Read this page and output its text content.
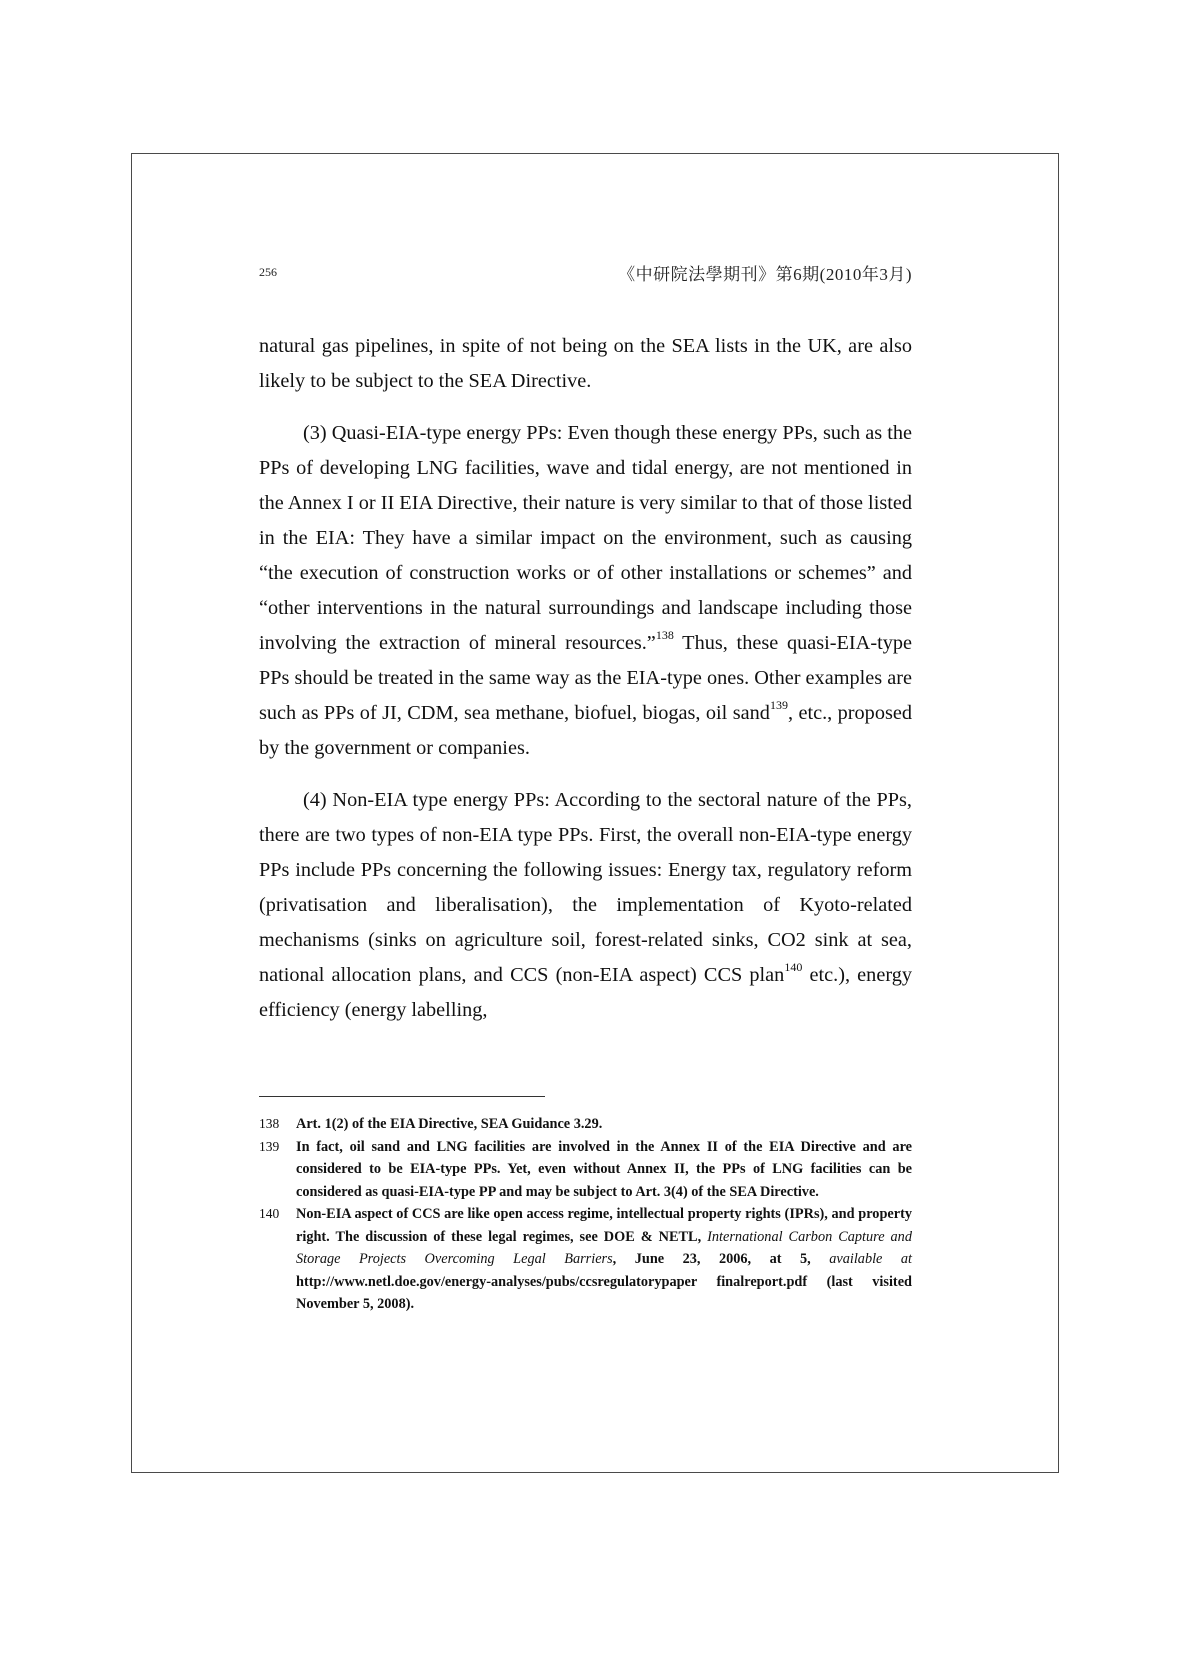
256	《中研院法學期刊》第6期(2010年3月)

natural gas pipelines, in spite of not being on the SEA lists in the UK, are also likely to be subject to the SEA Directive.

(3) Quasi-EIA-type energy PPs: Even though these energy PPs, such as the PPs of developing LNG facilities, wave and tidal energy, are not mentioned in the Annex I or II EIA Directive, their nature is very similar to that of those listed in the EIA: They have a similar impact on the environment, such as causing “the execution of construction works or of other installations or schemes” and “other interventions in the natural surroundings and landscape including those involving the extraction of mineral resources.”$^{138}$ Thus, these quasi-EIA-type PPs should be treated in the same way as the EIA-type ones. Other examples are such as PPs of JI, CDM, sea methane, biofuel, biogas, oil sand$^{139}$, etc., proposed by the government or companies.

(4) Non-EIA type energy PPs: According to the sectoral nature of the PPs, there are two types of non-EIA type PPs. First, the overall non-EIA-type energy PPs include PPs concerning the following issues: Energy tax, regulatory reform (privatisation and liberalisation), the implementation of Kyoto-related mechanisms (sinks on agriculture soil, forest-related sinks, CO2 sink at sea, national allocation plans, and CCS (non-EIA aspect) CCS plan$^{140}$ etc.), energy efficiency (energy labelling,

138 Art. 1(2) of the EIA Directive, SEA Guidance 3.29.
139 In fact, oil sand and LNG facilities are involved in the Annex II of the EIA Directive and are considered to be EIA-type PPs. Yet, even without Annex II, the PPs of LNG facilities can be considered as quasi-EIA-type PP and may be subject to Art. 3(4) of the SEA Directive.
140 Non-EIA aspect of CCS are like open access regime, intellectual property rights (IPRs), and property right. The discussion of these legal regimes, see DOE & NETL, International Carbon Capture and Storage Projects Overcoming Legal Barriers, June 23, 2006, at 5, available at http://www.netl.doe.gov/energy-analyses/pubs/ccsregulatorypaper finalreport.pdf (last visited November 5, 2008).
